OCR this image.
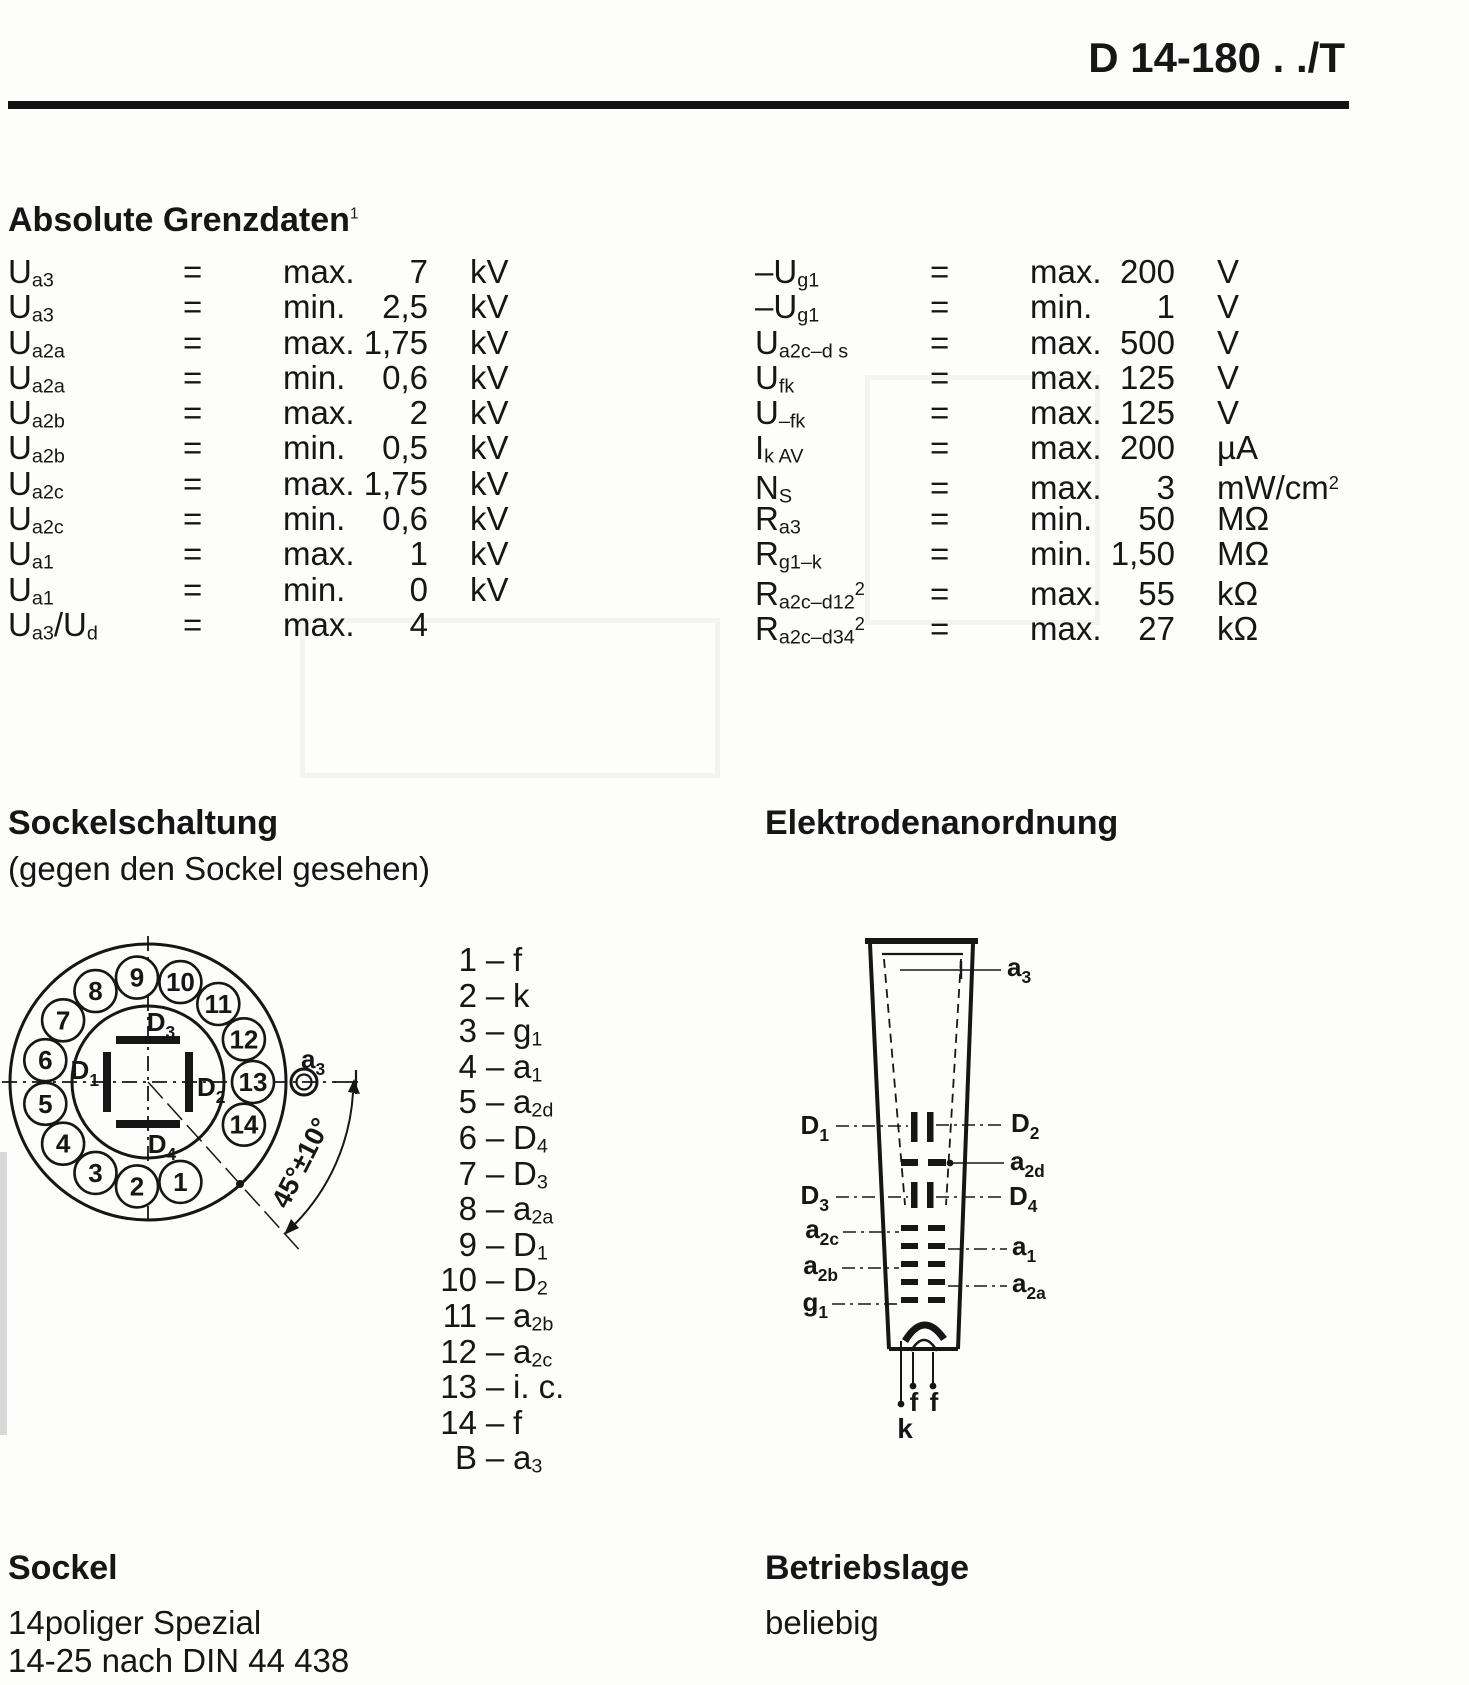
D 14-180 . ./T
Absolute Grenzdaten$^1$
$U_{a3}$	=	max.	7	kV
$U_{a3}$	=	min.	2,5	kV
$U_{a2a}$	=	max. 1,75	kV
$U_{a2a}$	=	min.	0,6	kV
$U_{a2b}$	=	max.	2	kV
$U_{a2b}$	=	min.	0,5	kV
$U_{a2c}$	=	max. 1,75	kV
$U_{a2c}$	=	min.	0,6	kV
$U_{a1}$	=	max.	1	kV
$U_{a1}$	=	min.	0	kV
$U_{a3}/U_d$	=	max.	4
$-U_{g1}$	=	max. 200	V
$-U_{g1}$	=	min.	1	V
$U_{a2c-d s}$	=	max. 500	V
$U_{fk}$	=	max. 125	V
$U_{-fk}$	=	max. 125	V
$I_{k AV}$	=	max. 200	µA
$N_S$	=	max.	3	$mW/cm^2$
$R_{a3}$	=	min.	50	MΩ
$R_{g1-k}$	=	min. 1,50	MΩ
$R_{a2c-d12}^2$	=	max.	55	kΩ
$R_{a2c-d34}^2$	=	max.	27	kΩ
Sockelschaltung	Elektrodenanordnung
(gegen den Sockel gesehen)
1
2
3
4
5
6
7
8 9 10
11
12
13
14
$D_3$
$D_1$	$D_2$
$D_4$
$a_3$
45°±10°
$a_3$
$D_1$	$D_2$
$a_{2d}$
$D_3$	$D_4$
$a_{2c}$	$a_1$
$a_{2b}$	$a_{2a}$
$g_1$
f f
k
1 – f
2 – k
$3 - g_1$
$4 - a_1$
$5 - a_{2d}$
$6 - D_4$
$7 - D_3$
$8 - a_{2a}$
$9 - D_1$
$10 - D_2$
$11 - a_{2b}$
$12 - a_{2c}$
13 – i. c.
14 – f
B – $a_3$
Sockel
14poliger Spezial
14-25 nach DIN 44 438
Betriebslage
beliebig
